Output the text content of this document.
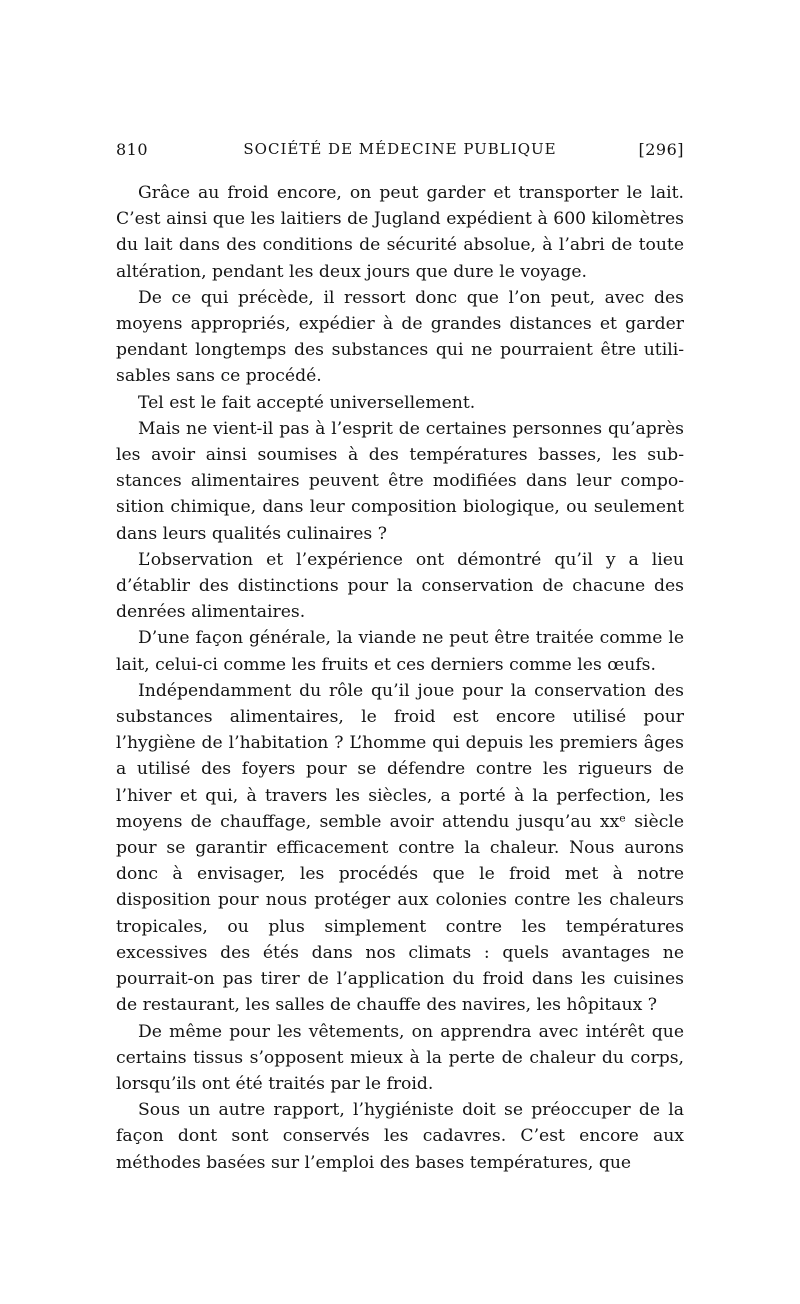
810	SOCIÉTÉ DE MÉDECINE PUBLIQUE	[296]

Grâce au froid encore, on peut garder et transporter le lait. C’est ainsi que les laitiers de Jugland expédient à 600 kilomètres du lait dans des conditions de sécurité absolue, à l’abri de toute altération, pendant les deux jours que dure le voyage.

De ce qui précède, il ressort donc que l’on peut, avec des moyens appropriés, expédier à de grandes distances et garder pendant longtemps des substances qui ne pourraient être utilisables sans ce procédé.

Tel est le fait accepté universellement.

Mais ne vient-il pas à l’esprit de certaines personnes qu’après les avoir ainsi soumises à des températures basses, les substances alimentaires peuvent être modifiées dans leur composition chimique, dans leur composition biologique, ou seulement dans leurs qualités culinaires ?

L’observation et l’expérience ont démontré qu’il y a lieu d’établir des distinctions pour la conservation de chacune des denrées alimentaires.

D’une façon générale, la viande ne peut être traitée comme le lait, celui-ci comme les fruits et ces derniers comme les œufs.

Indépendamment du rôle qu’il joue pour la conservation des substances alimentaires, le froid est encore utilisé pour l’hygiène de l’habitation ? L’homme qui depuis les premiers âges a utilisé des foyers pour se défendre contre les rigueurs de l’hiver et qui, à travers les siècles, a porté à la perfection, les moyens de chauffage, semble avoir attendu jusqu’au xxᵉ siècle pour se garantir efficacement contre la chaleur. Nous aurons donc à envisager, les procédés que le froid met à notre disposition pour nous protéger aux colonies contre les chaleurs tropicales, ou plus simplement contre les températures excessives des étés dans nos climats : quels avantages ne pourrait-on pas tirer de l’application du froid dans les cuisines de restaurant, les salles de chauffe des navires, les hôpitaux ?

De même pour les vêtements, on apprendra avec intérêt que certains tissus s’opposent mieux à la perte de chaleur du corps, lorsqu’ils ont été traités par le froid.

Sous un autre rapport, l’hygiéniste doit se préoccuper de la façon dont sont conservés les cadavres. C’est encore aux méthodes basées sur l’emploi des bases températures, que
